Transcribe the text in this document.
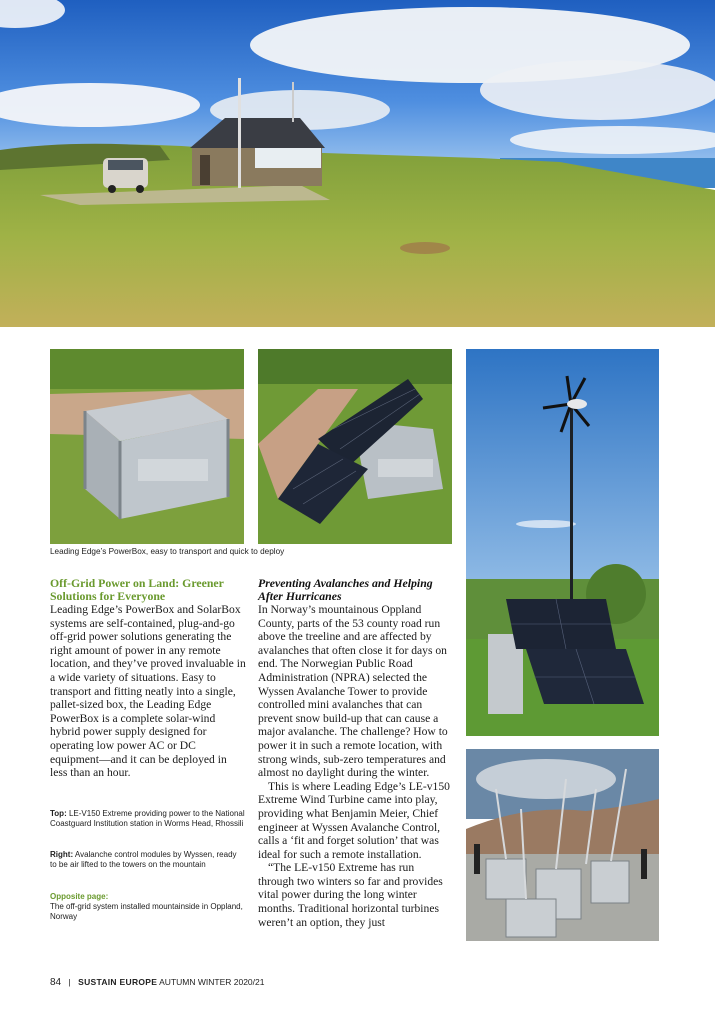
Leading Edge’s PowerBox, easy to transport and quick to deploy

Off-Grid Power on Land: Greener Solutions for Everyone

Leading Edge’s PowerBox and SolarBox systems are self-contained, plug-and-go off-grid power solutions generating the right amount of power in any remote location, and they’ve proved invaluable in a wide variety of situations. Easy to transport and fitting neatly into a single, pallet-sized box, the Leading Edge PowerBox is a complete solar-wind hybrid power supply designed for operating low power AC or DC equipment—and it can be deployed in less than an hour.

Top: LE-V150 Extreme providing power to the National Coastguard Institution station in Worms Head, Rhossili
Right: Avalanche control modules by Wyssen, ready to be air lifted to the towers on the mountain
Opposite page:
The off-grid system installed mountainside in Oppland, Norway

Preventing Avalanches and Helping After Hurricanes

In Norway’s mountainous Oppland County, parts of the 53 county road run above the treeline and are affected by avalanches that often close it for days on end. The Norwegian Public Road Administration (NPRA) selected the Wyssen Avalanche Tower to provide controlled mini avalanches that can prevent snow build-up that can cause a major avalanche. The challenge? How to power it in such a remote location, with strong winds, sub-zero temperatures and almost no daylight during the winter.

This is where Leading Edge’s LE-v150 Extreme Wind Turbine came into play, providing what Benjamin Meier, Chief engineer at Wyssen Avalanche Control, calls a ‘fit and forget solution’ that was ideal for such a remote installation.

“The LE-v150 Extreme has run through two winters so far and provides vital power during the long winter months. Traditional horizontal turbines weren’t an option, they just

84 | SUSTAIN EUROPE AUTUMN WINTER 2020/21
